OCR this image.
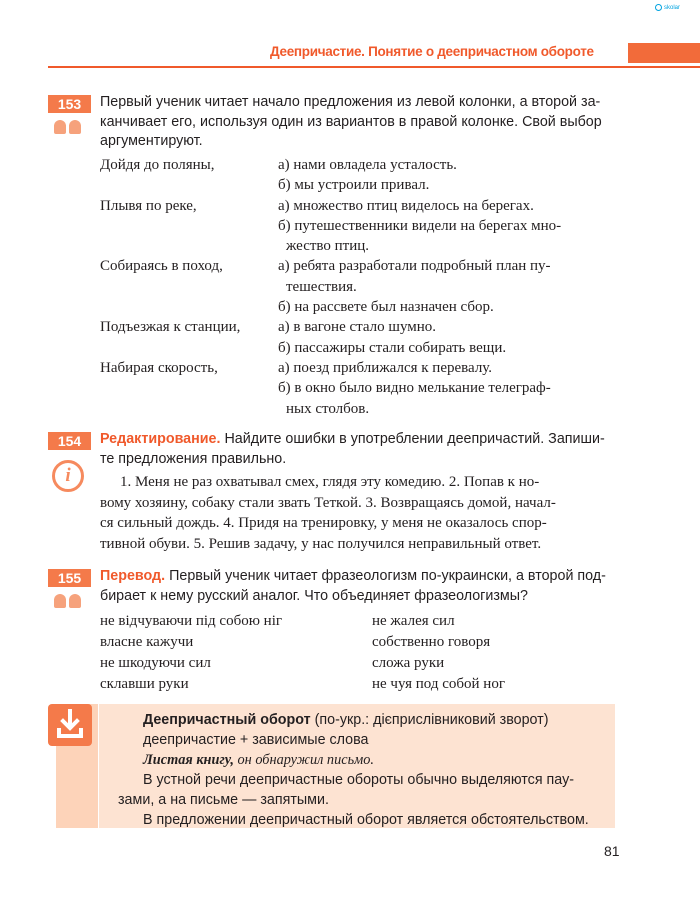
skolar
Деепричастие. Понятие о деепричастном обороте
153	Первый ученик читает начало предложения из левой колонки, а второй за-
канчивает его, используя один из вариантов в правой колонке. Свой выбор
аргументируют.
Дойдя до поляны,	а) нами овладела усталость.
б) мы устроили привал.
Плывя по реке,	а) множество птиц виделось на берегах.
б) путешественники видели на берегах мно-
жество птиц.
Собираясь в поход,	а) ребята разработали подробный план пу-
тешествия.
б) на рассвете был назначен сбор.
Подъезжая к станции,	а) в вагоне стало шумно.
б) пассажиры стали собирать вещи.
Набирая скорость,	а) поезд приближался к перевалу.
б) в окно было видно мелькание телеграф-
ных столбов.
154
i
Редактирование. Найдите ошибки в употреблении деепричастий. Запиши-
те предложения правильно.
1. Меня не раз охватывал смех, глядя эту комедию. 2. Попав к но-
вому хозяину, собаку стали звать Теткой. 3. Возвращаясь домой, начал-
ся сильный дождь. 4. Придя на тренировку, у меня не оказалось спор-
тивной обуви. 5. Решив задачу, у нас получился неправильный ответ.
155	Перевод. Первый ученик читает фразеологизм по-украински, а второй под-
бирает к нему русский аналог. Что объединяет фразеологизмы?
не відчуваючи під собою ніг	не жалея сил
власне кажучи	собственно говоря
не шкодуючи сил	сложа руки
склавши руки	не чуя под собой ног
Деепричастный оборот (по-укр.: дієприслівниковий зворот)
деепричастие + зависимые слова
Листая книгу, он обнаружил письмо.
В устной речи деепричастные обороты обычно выделяются пау-
зами, а на письме — запятыми.
В предложении деепричастный оборот является обстоятельством.
81
